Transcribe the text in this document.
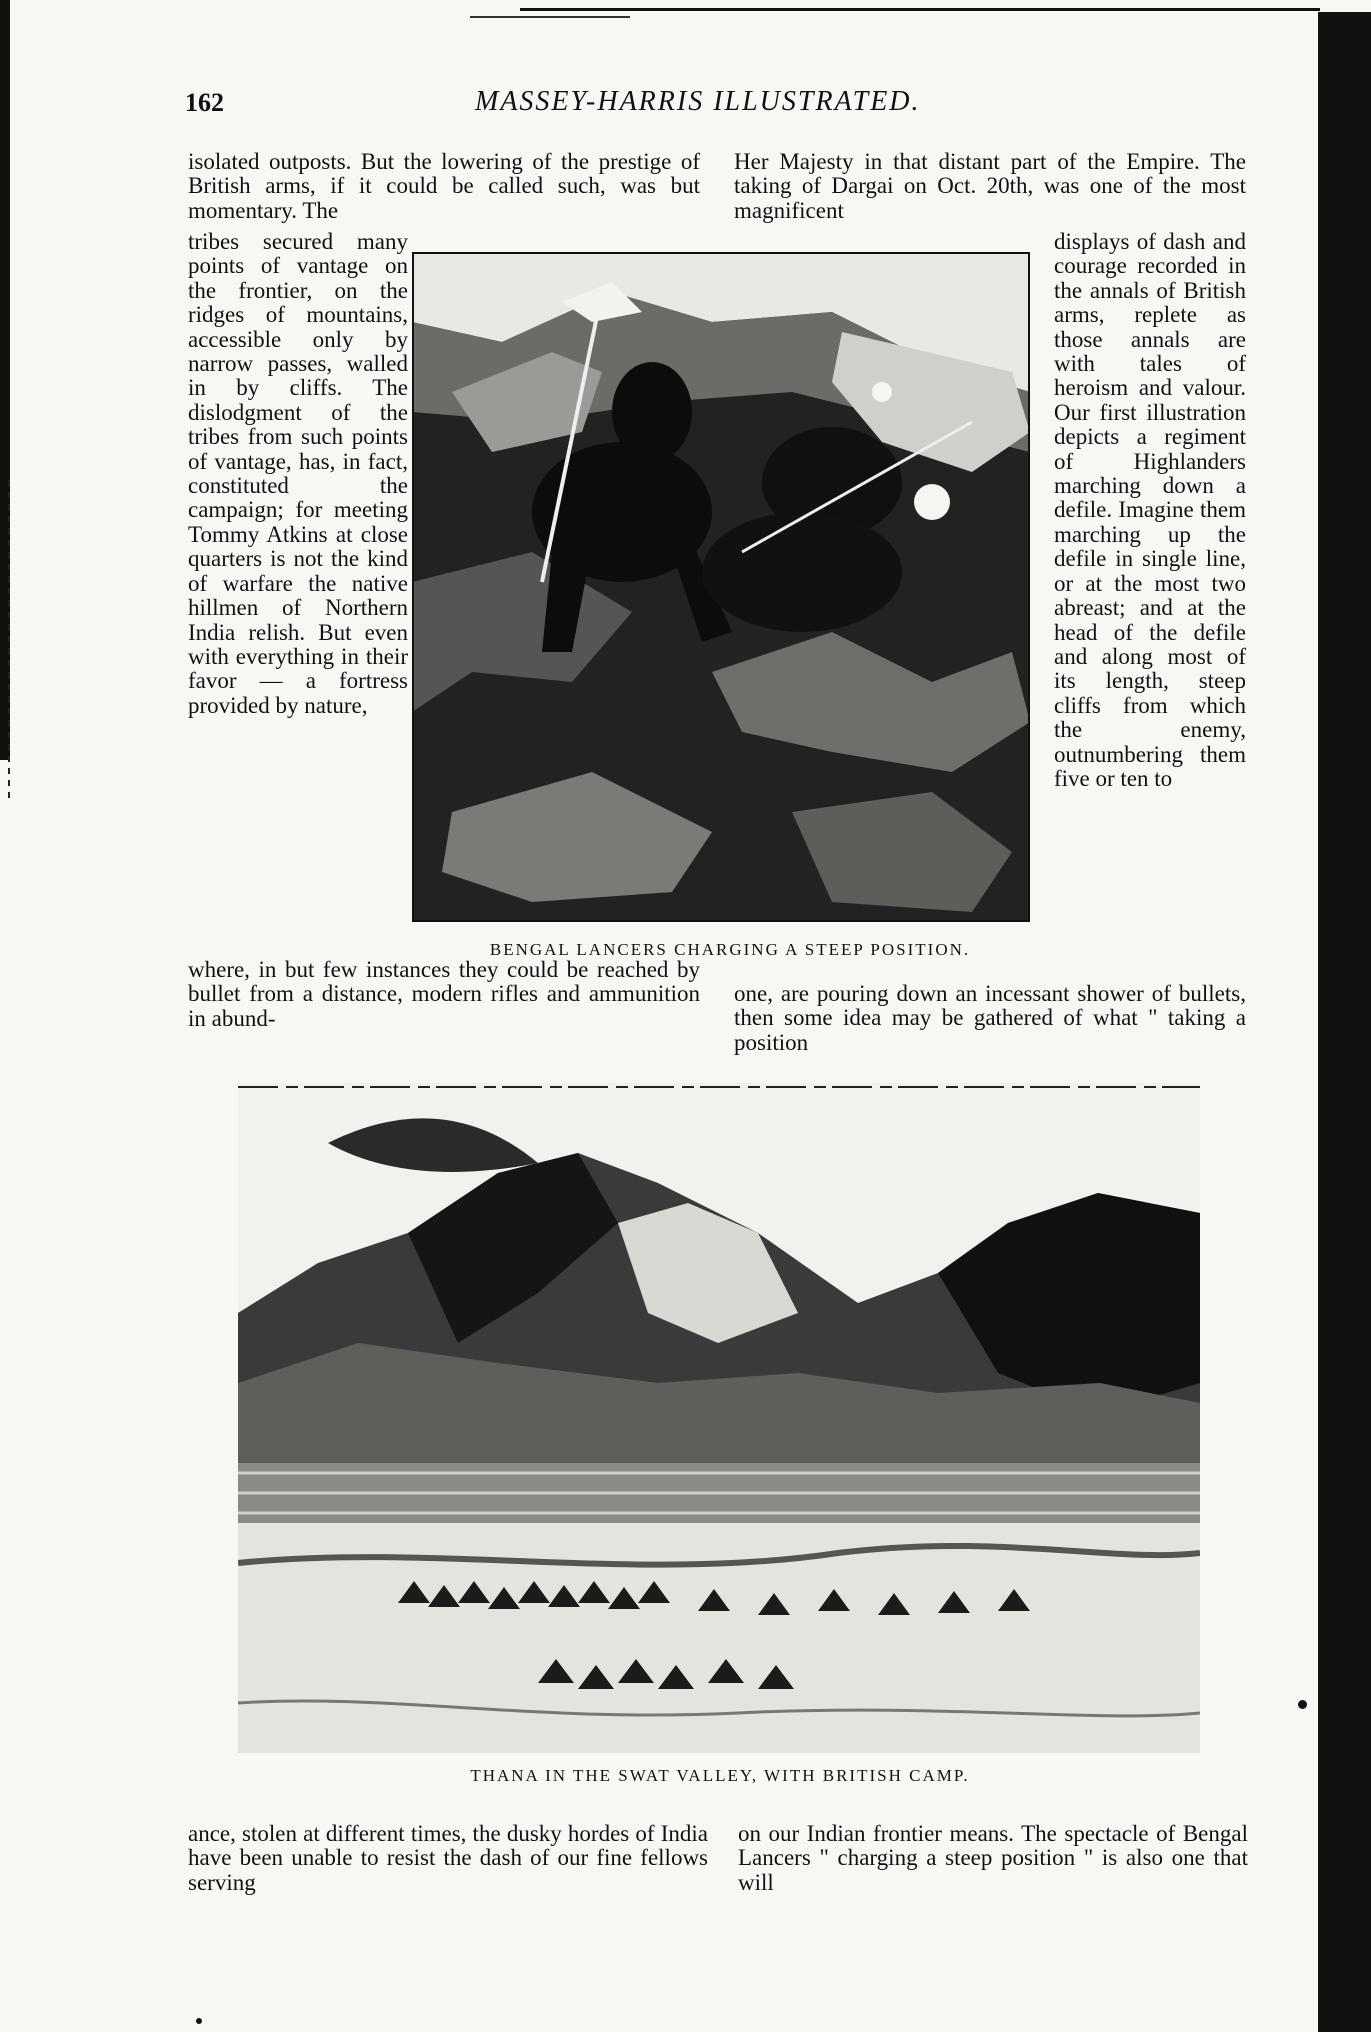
162	MASSEY-HARRIS ILLUSTRATED.

isolated outposts. But the lowering of the prestige of British arms, if it could be called such, was but momentary. The

tribes secured many points of vantage on the frontier, on the ridges of mountains, accessible only by narrow passes, walled in by cliffs. The dislodgment of the tribes from such points of vantage, has, in fact, constituted the campaign; for meeting Tommy Atkins at close quarters is not the kind of warfare the native hillmen of Northern India relish. But even with everything in their favor — a fortress provided by nature,

where, in but few instances they could be reached by bullet from a distance, modern rifles and ammunition in abund-

Her Majesty in that distant part of the Empire. The taking of Dargai on Oct. 20th, was one of the most magnificent

displays of dash and courage recorded in the annals of British arms, replete as those annals are with tales of heroism and valour. Our first illustration depicts a regiment of Highlanders marching down a defile. Imagine them marching up the defile in single line, or at the most two abreast; and at the head of the defile and along most of its length, steep cliffs from which the enemy, outnumbering them five or ten to

one, are pouring down an incessant shower of bullets, then some idea may be gathered of what " taking a position

BENGAL LANCERS CHARGING A STEEP POSITION.
THANA IN THE SWAT VALLEY, WITH BRITISH CAMP.

ance, stolen at different times, the dusky hordes of India have been unable to resist the dash of our fine fellows serving

on our Indian frontier means. The spectacle of Bengal Lancers " charging a steep position " is also one that will
